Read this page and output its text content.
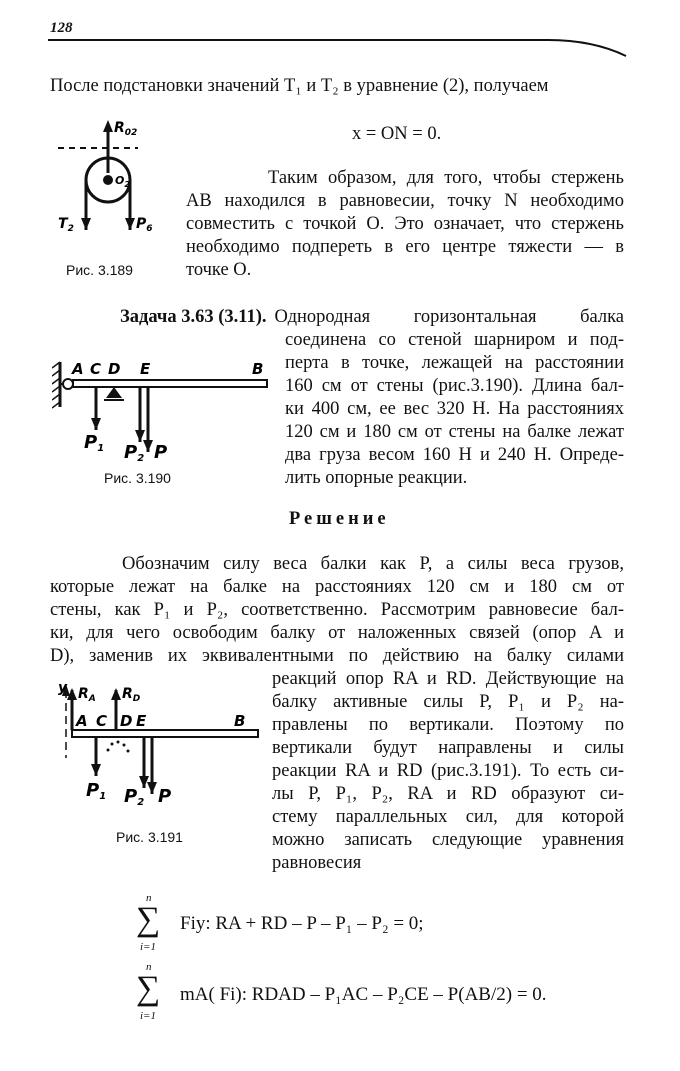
128
После подстановки значений T₁ и T₂ в уравнение (2), получаем
$R_{02}$
$O_2$
$T_2$	$P_6$
Рис. 3.189
x = ON = 0.
Таким образом, для того, чтобы стержень
AB находился в равновесии, точку N необходимо
совместить с точкой O. Это означает, что стержень
необходимо подпереть в его центре тяжести — в
точке O.
Задача 3.63 (3.11). Однородная горизонтальная балка
соединена со стеной шарниром и под-
перта в точке, лежащей на расстоянии
160 см от стены (рис.3.190). Длина бал-
ки 400 см, ее вес 320 Н. На расстояниях
120 см и 180 см от стены на балке лежат
два груза весом 160 Н и 240 Н. Опреде-
лить опорные реакции.
A C D E	B
P1 P2 P
Рис. 3.190
Решение
Обозначим силу веса балки как P, а силы веса грузов,
которые лежат на балке на расстояниях 120 см и 180 см от
стены, как P₁ и P₂, соответственно. Рассмотрим равновесие бал-
ки, для чего освободим балку от наложенных связей (опор A и
D), заменив их эквивалентными по действию на балку силами
реакций опор RA и RD. Действующие на
балку активные силы P, P₁ и P₂ на-
правлены по вертикали. Поэтому по
вертикали будут направлены и силы
реакции RA и RD (рис.3.191). То есть си-
лы P, P₁, P₂, RA и RD образуют си-
стему параллельных сил, для которой
можно записать следующие уравнения
равновесия
y $R_A$ $R_D$
A C D E	B
P1 P2 P
Рис. 3.191
n
∑
i=1
Fiy: RA + RD – P – P₁ – P₂ = 0;
n
∑
i=1
mA( Fi): RDAD – P₁AC – P₂CE – P(AB/2) = 0.
